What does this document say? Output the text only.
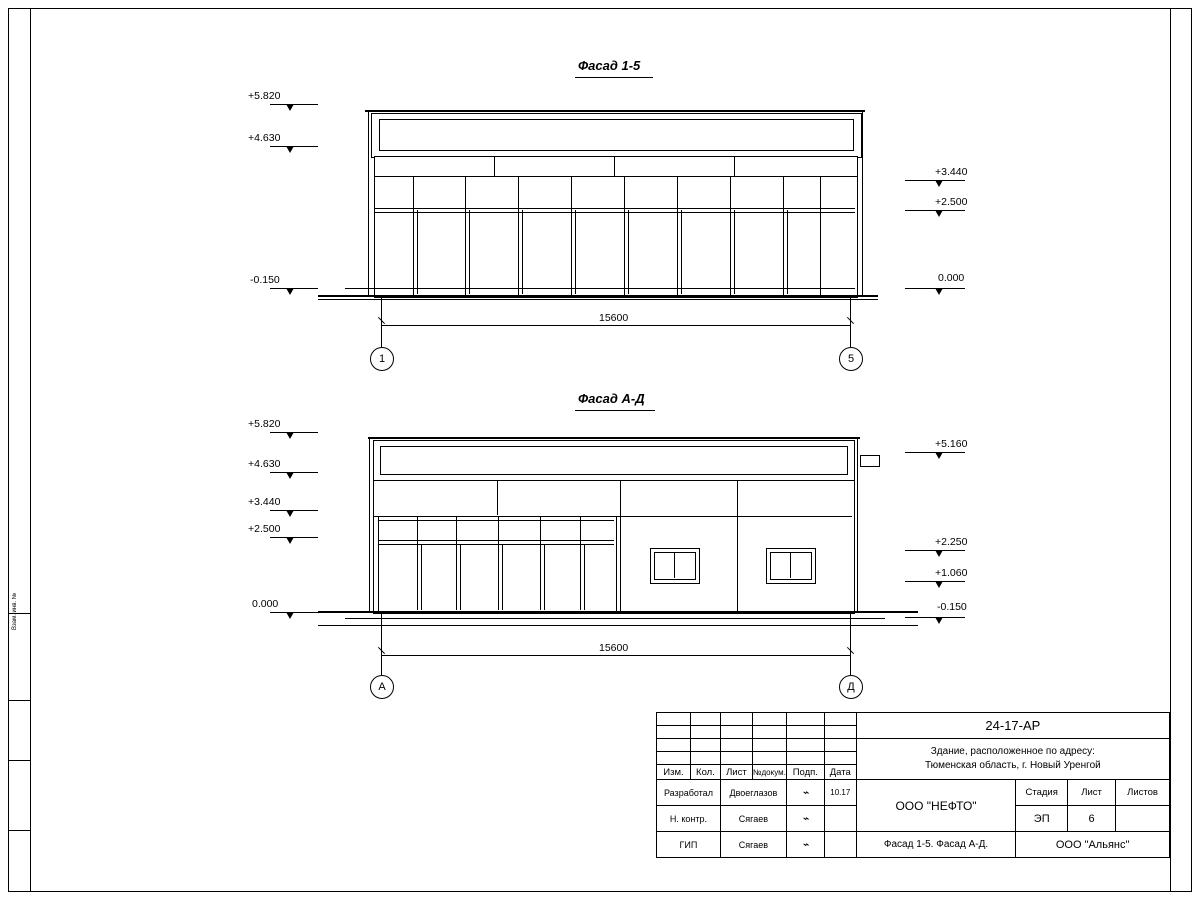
Взам. инв. №
Фасад 1-5
+5.820
+4.630
-0.150
+3.440
+2.500
0.000
15600
1	5
Фасад А-Д
+5.820
+4.630
+3.440
+2.500
0.000
+5.160
+2.250
+1.060
-0.150
15600
А	Д
						24-17-АР			

						Здание, расположенное по адресу:
Тюменская область, г. Новый Уренгой			

Изм.	Кол.	Лист	№докум.	Подп.	Дата				
Разработал		Двоеглазов		⌁	10.17	ООО "НЕФТО"	Стадия	Лист	Листов
Н. контр.		Сягаев		⌁			ЭП	6	
ГИП		Сягаев		⌁		Фасад 1-5. Фасад А-Д.	ООО "Альянс"		
